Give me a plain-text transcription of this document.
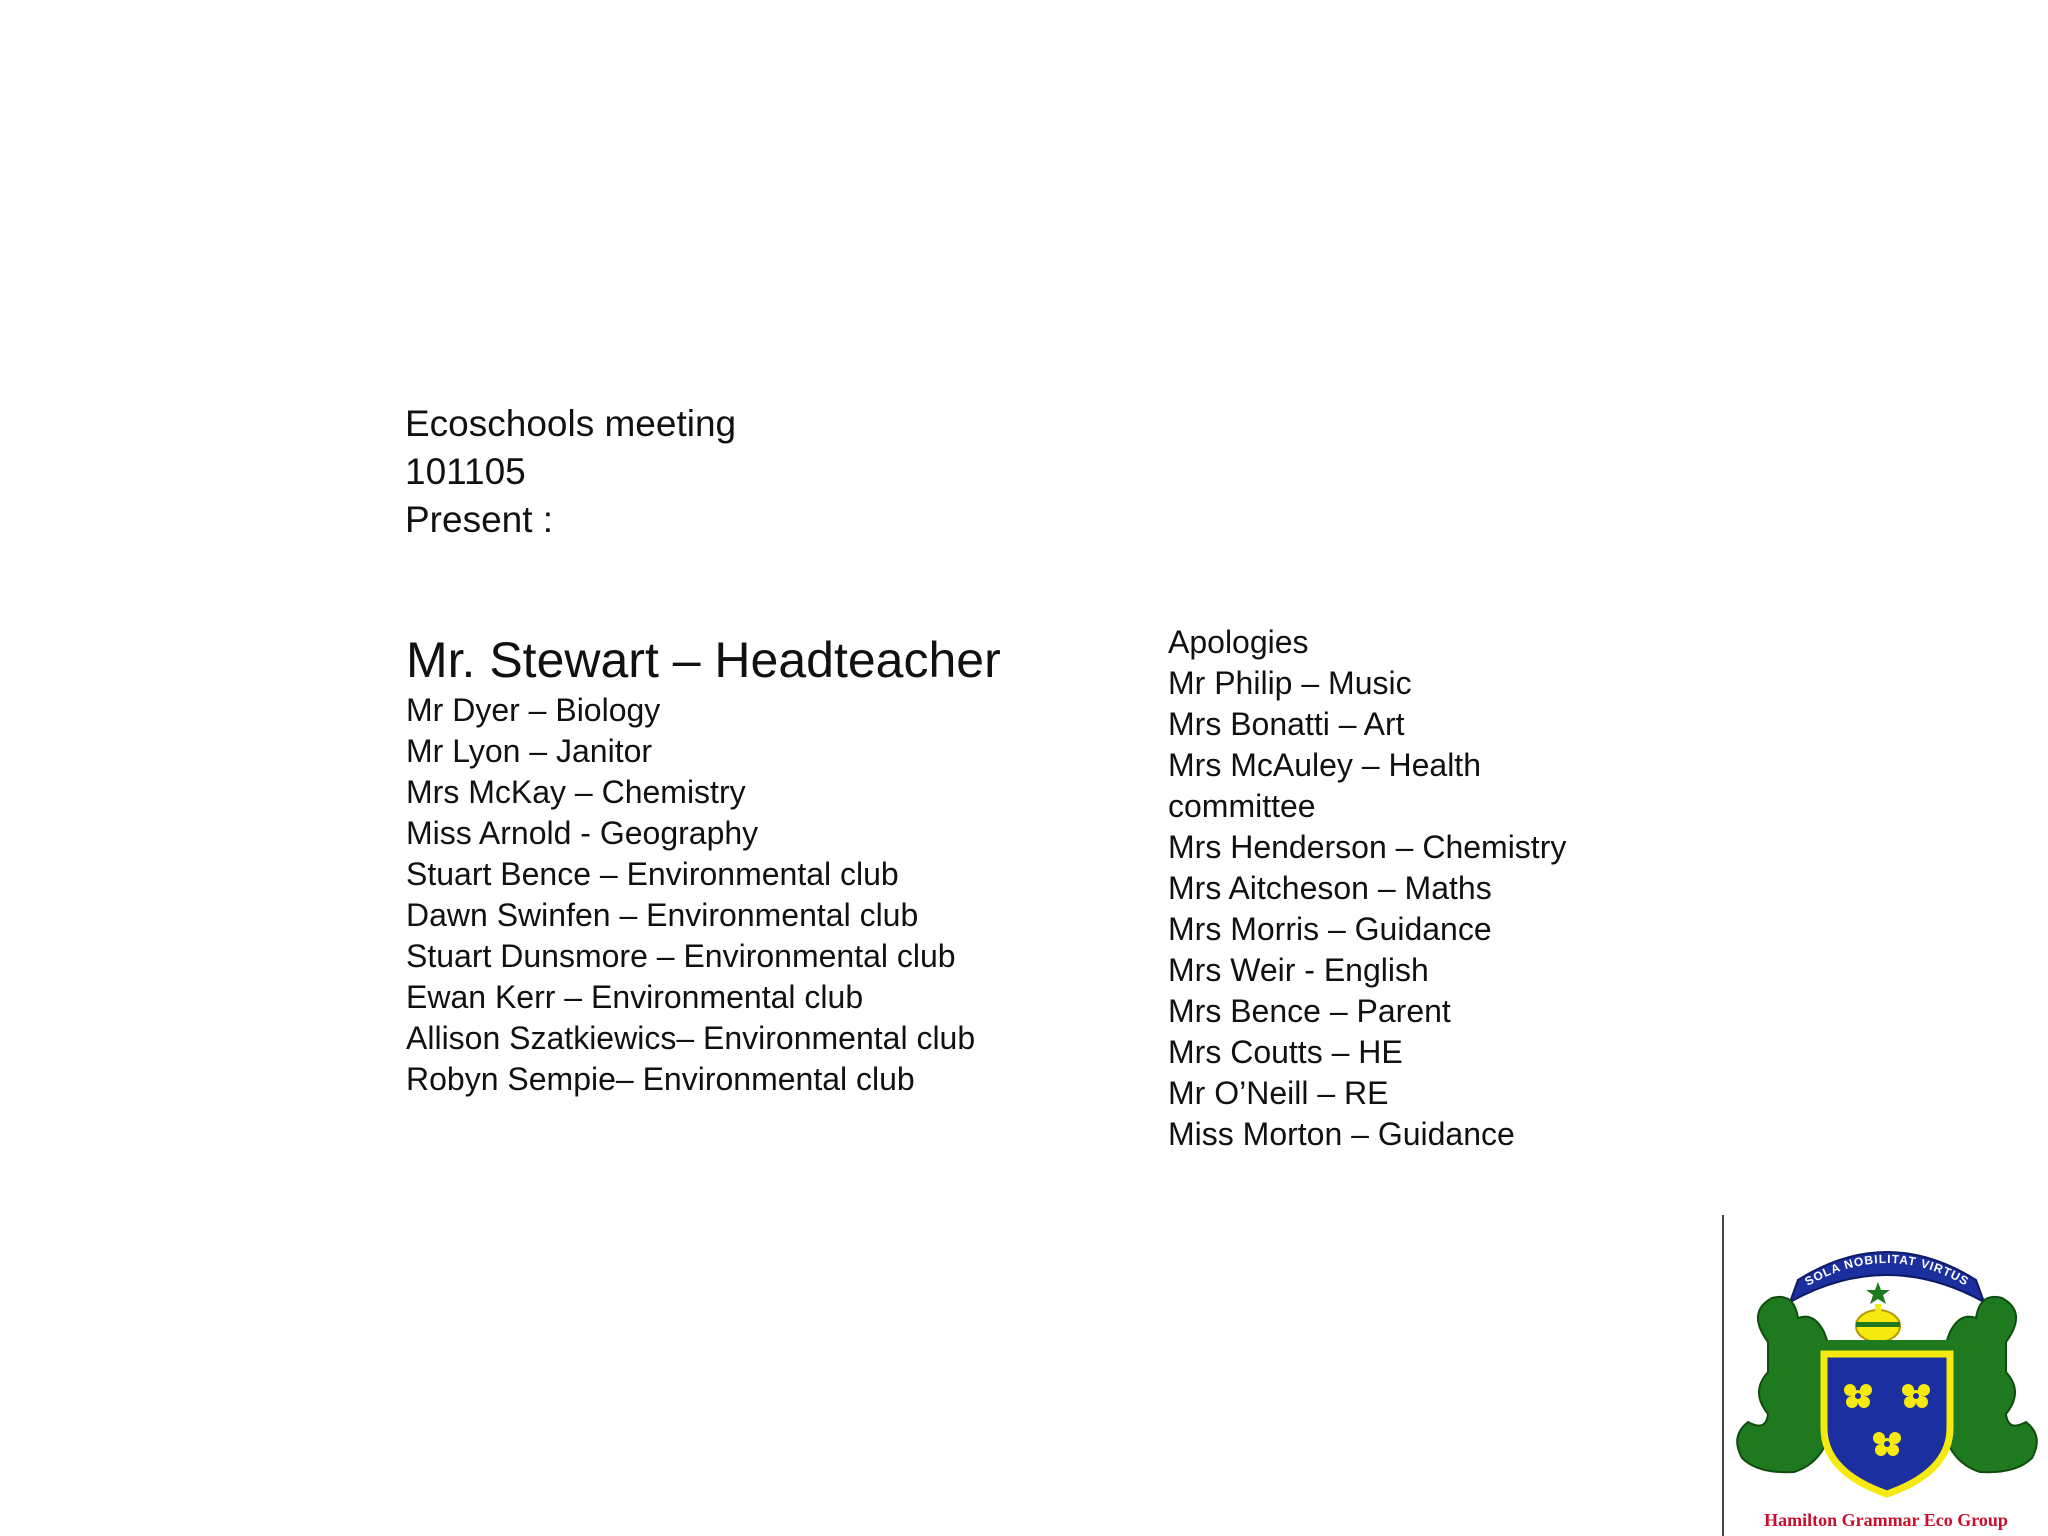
Ecoschools meeting
101105
Present :
Mr. Stewart – Headteacher
Mr Dyer – Biology
Mr Lyon – Janitor
Mrs McKay – Chemistry
Miss Arnold - Geography
Stuart Bence – Environmental club
Dawn Swinfen – Environmental club
Stuart Dunsmore – Environmental club
Ewan Kerr – Environmental club
Allison Szatkiewics– Environmental club
Robyn Sempie– Environmental club
Apologies
Mr Philip – Music
Mrs Bonatti – Art
Mrs McAuley – Health committee
Mrs Henderson – Chemistry
Mrs Aitcheson – Maths
Mrs Morris – Guidance
Mrs Weir - English
Mrs Bence – Parent
Mrs Coutts – HE
Mr O’Neill – RE
Miss Morton – Guidance
SOLA NOBILITAT VIRTUS
Hamilton Grammar Eco Group
